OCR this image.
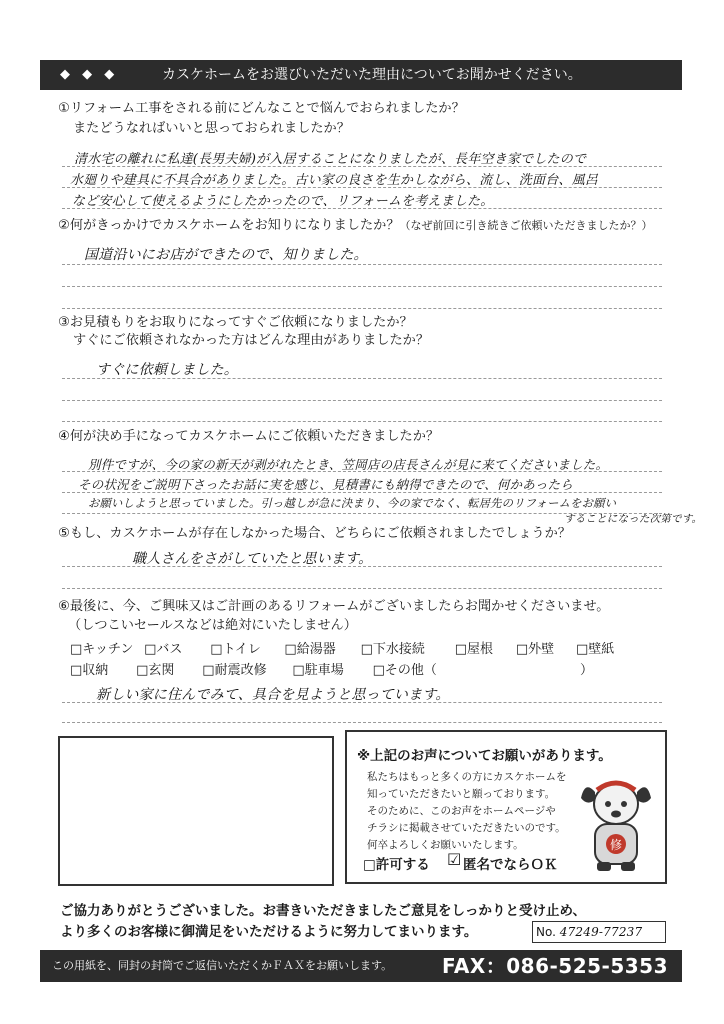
◆ ◆ ◆	カスケホームをお選びいただいた理由についてお聞かせください。
①リフォーム工事をされる前にどんなことで悩んでおられましたか？
またどうなればいいと思っておられましたか？
清水宅の離れに私達(長男夫婦)が入居することになりましたが、長年空き家でしたので
水廻りや建具に不具合がありました。古い家の良さを生かしながら、流し、洗面台、風呂
など安心して使えるようにしたかったので、リフォームを考えました。
②何がきっかけでカスケホームをお知りになりましたか？（なぜ前回に引き続きご依頼いただきましたか？）
国道沿いにお店ができたので、知りました。
③お見積もりをお取りになってすぐご依頼になりましたか？
すぐにご依頼されなかった方はどんな理由がありましたか？
すぐに依頼しました。
④何が決め手になってカスケホームにご依頼いただきましたか？
別件ですが、今の家の新天が剥がれたとき、笠岡店の店長さんが見に来てくださいました。
その状況をご説明下さったお話に実を感じ、見積書にも納得できたので、何かあったら
お願いしようと思っていました。引っ越しが急に決まり、今の家でなく、転居先のリフォームをお願い
することになった次第です。
⑤もし、カスケホームが存在しなかった場合、どちらにご依頼されましたでしょうか？
職人さんをさがしていたと思います。
⑥最後に、今、ご興味又はご計画のあるリフォームがございましたらお聞かせくださいませ。
（しつこいセールスなどは絶対にいたしません）
□キッチン □バス □トイレ □給湯器 □下水接続 □屋根 □外壁 □壁紙
□収納 □玄関 □耐震改修 □駐車場 □その他（	）
新しい家に住んでみて、具合を見ようと思っています。
※上記のお声についてお願いがあります。
私たちはもっと多くの方にカスケホームを
知っていただきたいと願っております。
そのために、このお声をホームページや
チラシに掲載させていただきたいのです。
何卒よろしくお願いいたします。
□許可する ☑ 匿名でならＯＫ
修
ご協力ありがとうございました。お書きいただきましたご意見をしっかりと受け止め、
より多くのお客様に御満足をいただけるように努力してまいります。	No. 47249-77237
この用紙を、同封の封筒でご返信いただくかＦＡＸをお願いします。 FAX：086-525-5353
